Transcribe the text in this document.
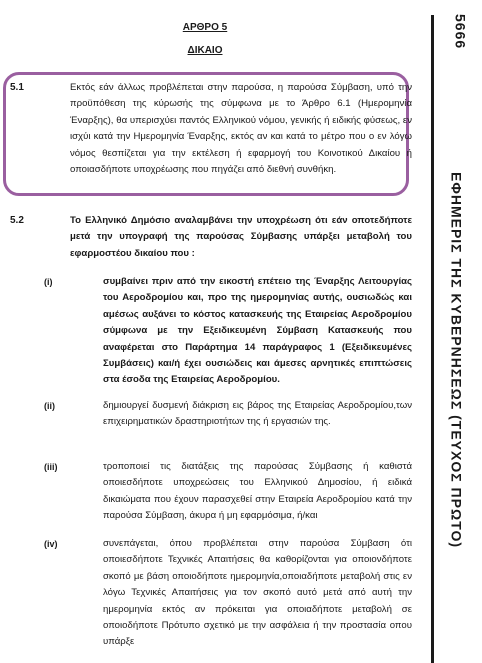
ΑΡΘΡΟ 5
ΔΙΚΑΙΟ
5.1	Εκτός εάν άλλως προβλέπεται στην παρούσα, η παρούσα Σύμβαση, υπό την προϋπόθεση της κύρωσής της σύμφωνα με το Άρθρο 6.1 (Ημερομηνία Έναρξης), θα υπερισχύει παντός Ελληνικού νόμου, γενικής ή ειδικής φύσεως, εν ισχύι κατά την Ημερομηνία Έναρξης, εκτός αν και κατά το μέτρο που ο εν λόγω νόμος θεσπίζεται για την εκτέλεση ή εφαρμογή του Κοινοτικού Δικαίου ή οποιασδήποτε υποχρέωσης που πηγάζει από διεθνή συνθήκη.
5.2	Το Ελληνικό Δημόσιο αναλαμβάνει την υποχρέωση ότι εάν οποτεδήποτε μετά την υπογραφή της παρούσας Σύμβασης υπάρξει μεταβολή του εφαρμοστέου δικαίου που :
(i)	συμβαίνει πριν από την εικοστή επέτειο της Έναρξης Λειτουργίας του Αεροδρομίου και, προ της ημερομηνίας αυτής, ουσιωδώς και αμέσως αυξάνει το κόστος κατασκευής της Εταιρείας Αεροδρομίου σύμφωνα με την Εξειδικευμένη Σύμβαση Κατασκευής που αναφέρεται στο Παράρτημα 14 παράγραφος 1 (Εξειδικευμένες Συμβάσεις) και/ή έχει ουσιώδεις και άμεσες αρνητικές επιπτώσεις στα έσοδα της Εταιρείας Αεροδρομίου.
(ii)	δημιουργεί δυσμενή διάκριση εις βάρος της Εταιρείας Αεροδρομίου,των επιχειρηματικών δραστηριοτήτων της ή εργασιών της.
(iii)	τροποποιεί τις διατάξεις της παρούσας Σύμβασης ή καθιστά οποιεσδήποτε υποχρεώσεις του Ελληνικού Δημοσίου, ή ειδικά δικαιώματα που έχουν παρασχεθεί στην Εταιρεία Αεροδρομίου κατά την παρούσα Σύμβαση, άκυρα ή μη εφαρμόσιμα, ή/και
(iv)	συνεπάγεται, όπου προβλέπεται στην παρούσα Σύμβαση ότι οποιεσδήποτε Τεχνικές Απαιτήσεις θα καθορίζονται για οποιονδήποτε σκοπό με βάση οποιοδήποτε ημερομηνία,οποιαδήποτε μεταβολή στις εν λόγω Τεχνικές Απαιτήσεις για τον σκοπό αυτό μετά από αυτή την ημερομηνία εκτός αν πρόκειται για οποιαδήποτε μεταβολή σε οποιοδήποτε Πρότυπο σχετικό με την ασφάλεια ή την προστασία οπου υπάρξε
5666
ΕΦΗΜΕΡΙΣ ΤΗΣ ΚΥΒΕΡΝΗΣΕΩΣ (ΤΕΥΧΟΣ ΠΡΩΤΟ)
